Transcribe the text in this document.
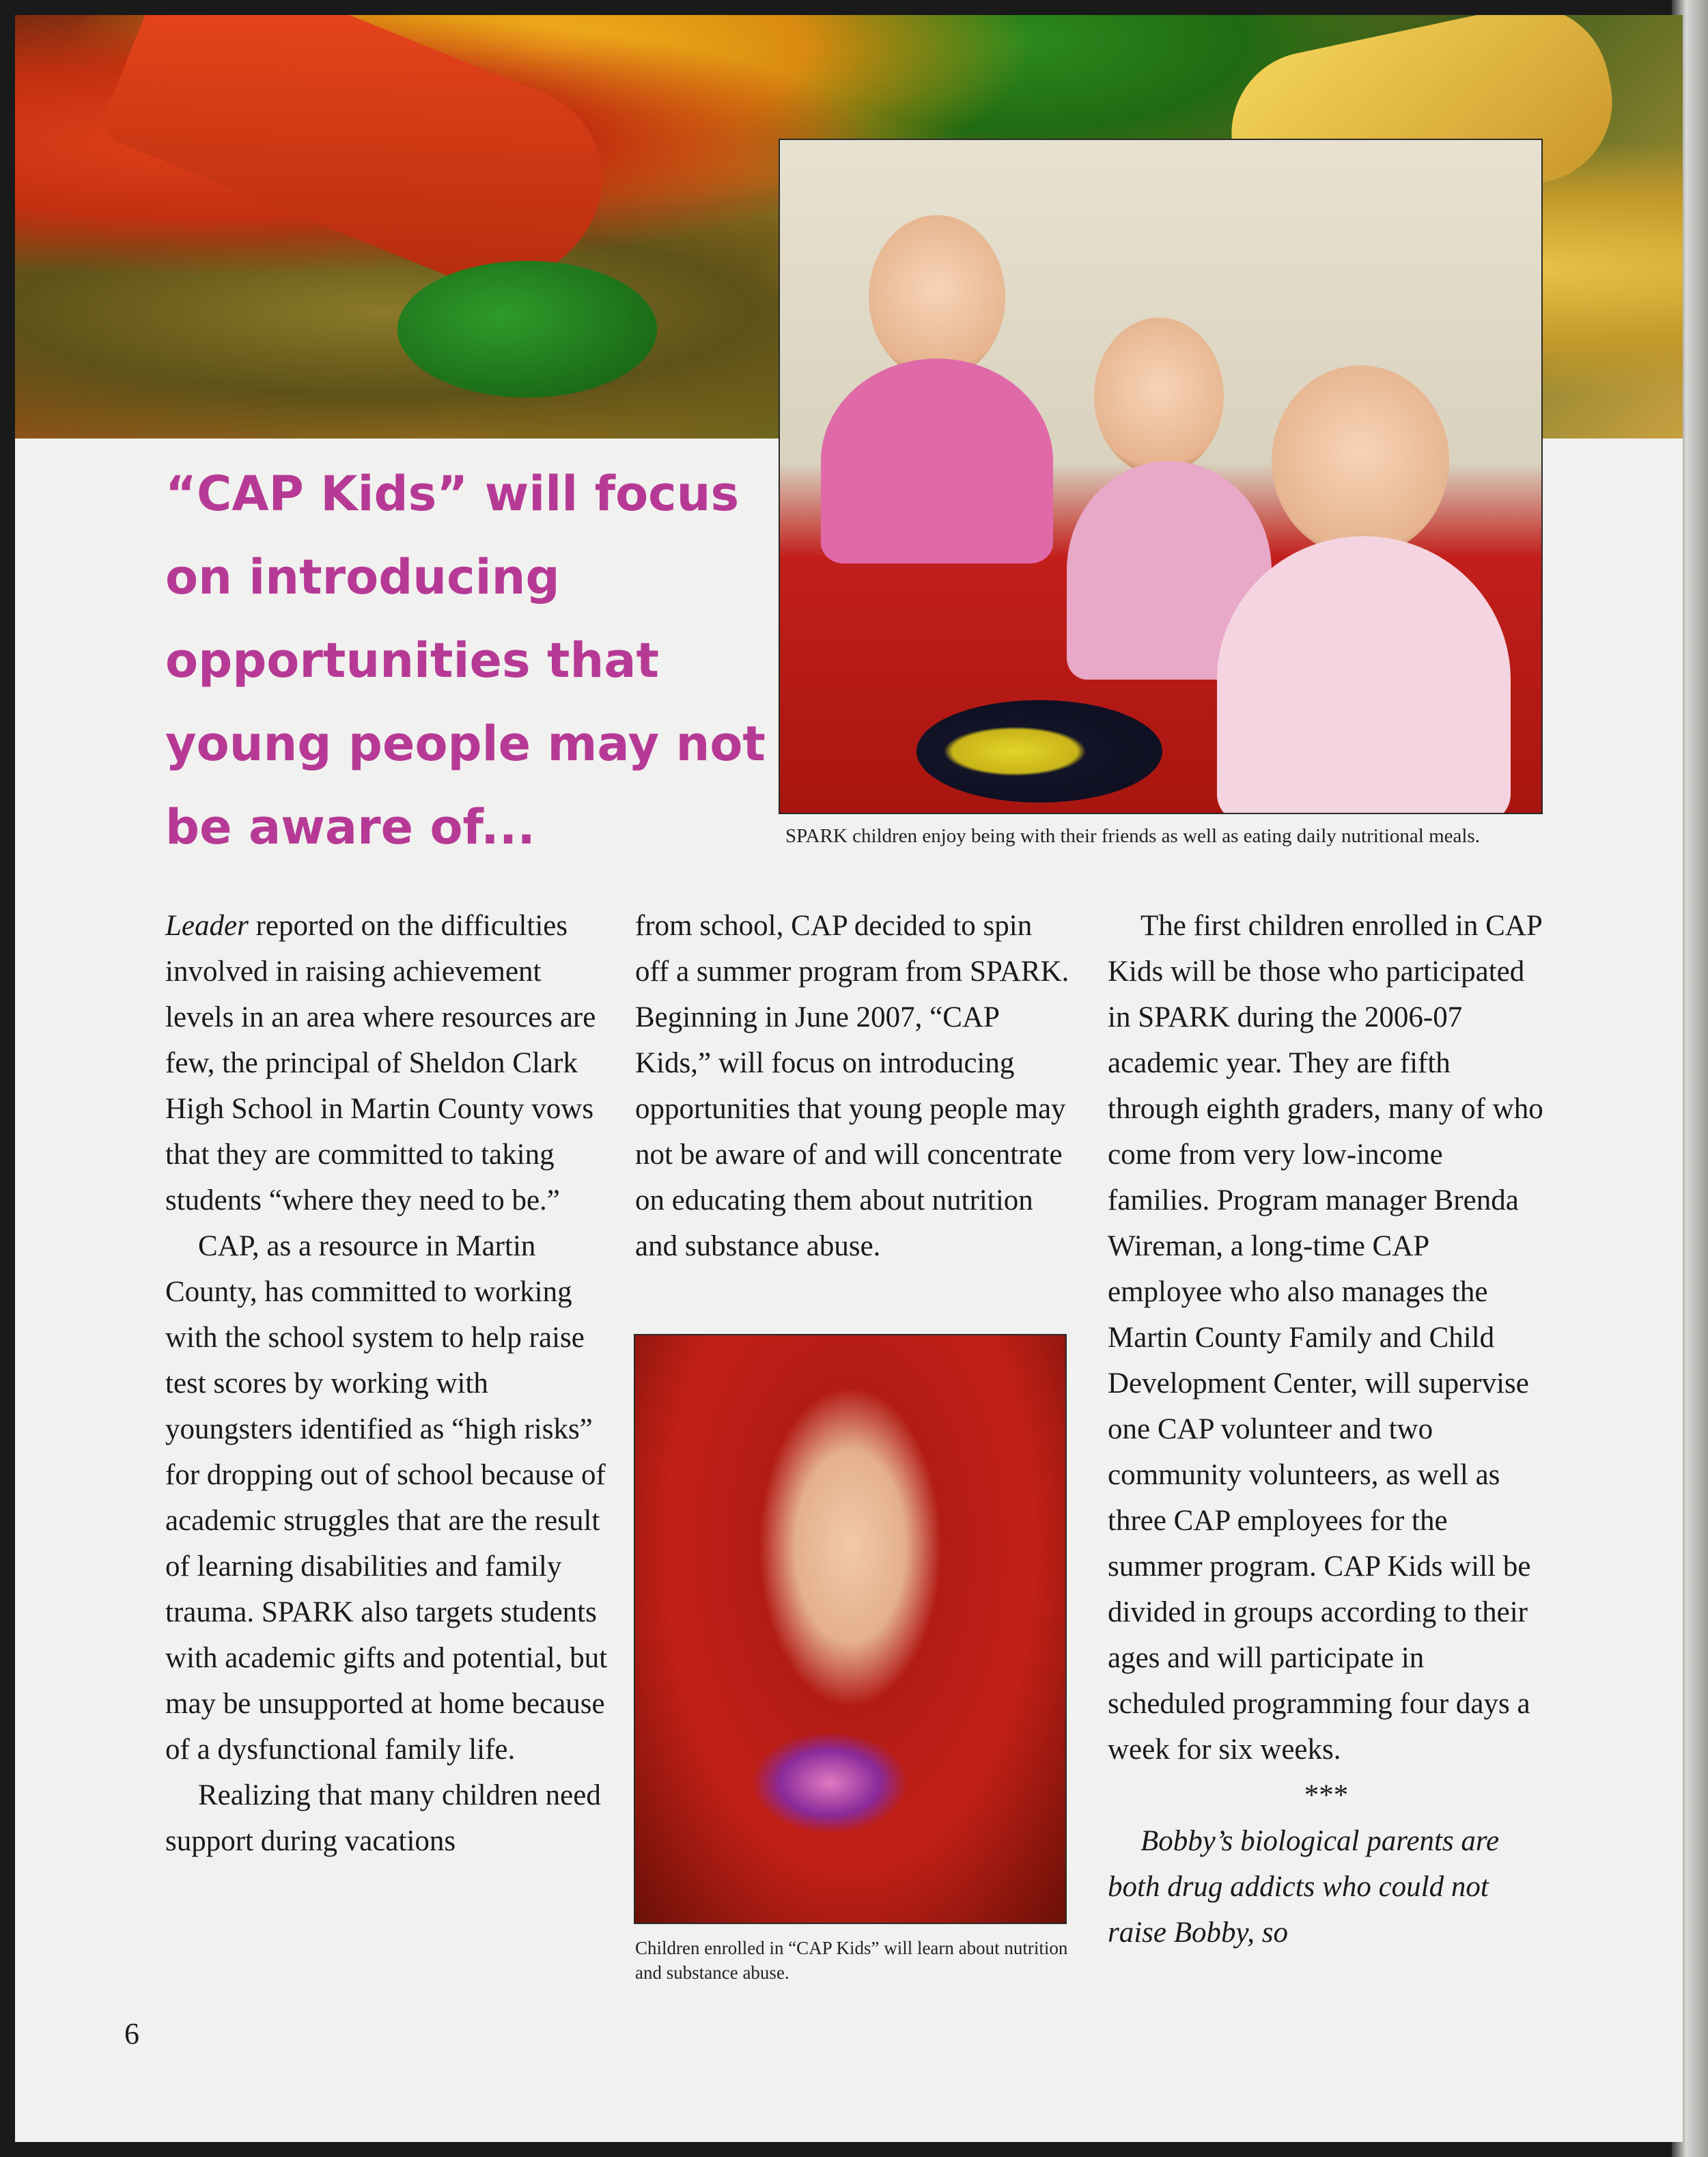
“CAP Kids” will focus on introducing opportunities that young people may not be aware of...	SPARK children enjoy being with their friends as well as eating daily nutritional meals.

Leader reported on the difficulties involved in raising achievement levels in an area where resources are few, the principal of Sheldon Clark High School in Martin County vows that they are committed to taking students “where they need to be.”

CAP, as a resource in Martin County, has committed to working with the school system to help raise test scores by working with youngsters identified as “high risks” for dropping out of school because of academic struggles that are the result of learning disabilities and family trauma. SPARK also targets students with academic gifts and potential, but may be unsupported at home because of a dysfunctional family life.

Realizing that many children need support during vacations

from school, CAP decided to spin off a summer program from SPARK. Beginning in June 2007, “CAP Kids,” will focus on introducing opportunities that young people may not be aware of and will concentrate on educating them about nutrition and substance abuse.

Children enrolled in “CAP Kids” will learn about nutrition and substance abuse.

The first children enrolled in CAP Kids will be those who participated in SPARK during the 2006-07 academic year. They are fifth through eighth graders, many of who come from very low-income families. Program manager Brenda Wireman, a long-time CAP employee who also manages the Martin County Family and Child Development Center, will supervise one CAP volunteer and two community volunteers, as well as three CAP employees for the summer program. CAP Kids will be divided in groups according to their ages and will participate in scheduled programming four days a week for six weeks.

***

Bobby’s biological parents are both drug addicts who could not raise Bobby, so

6
